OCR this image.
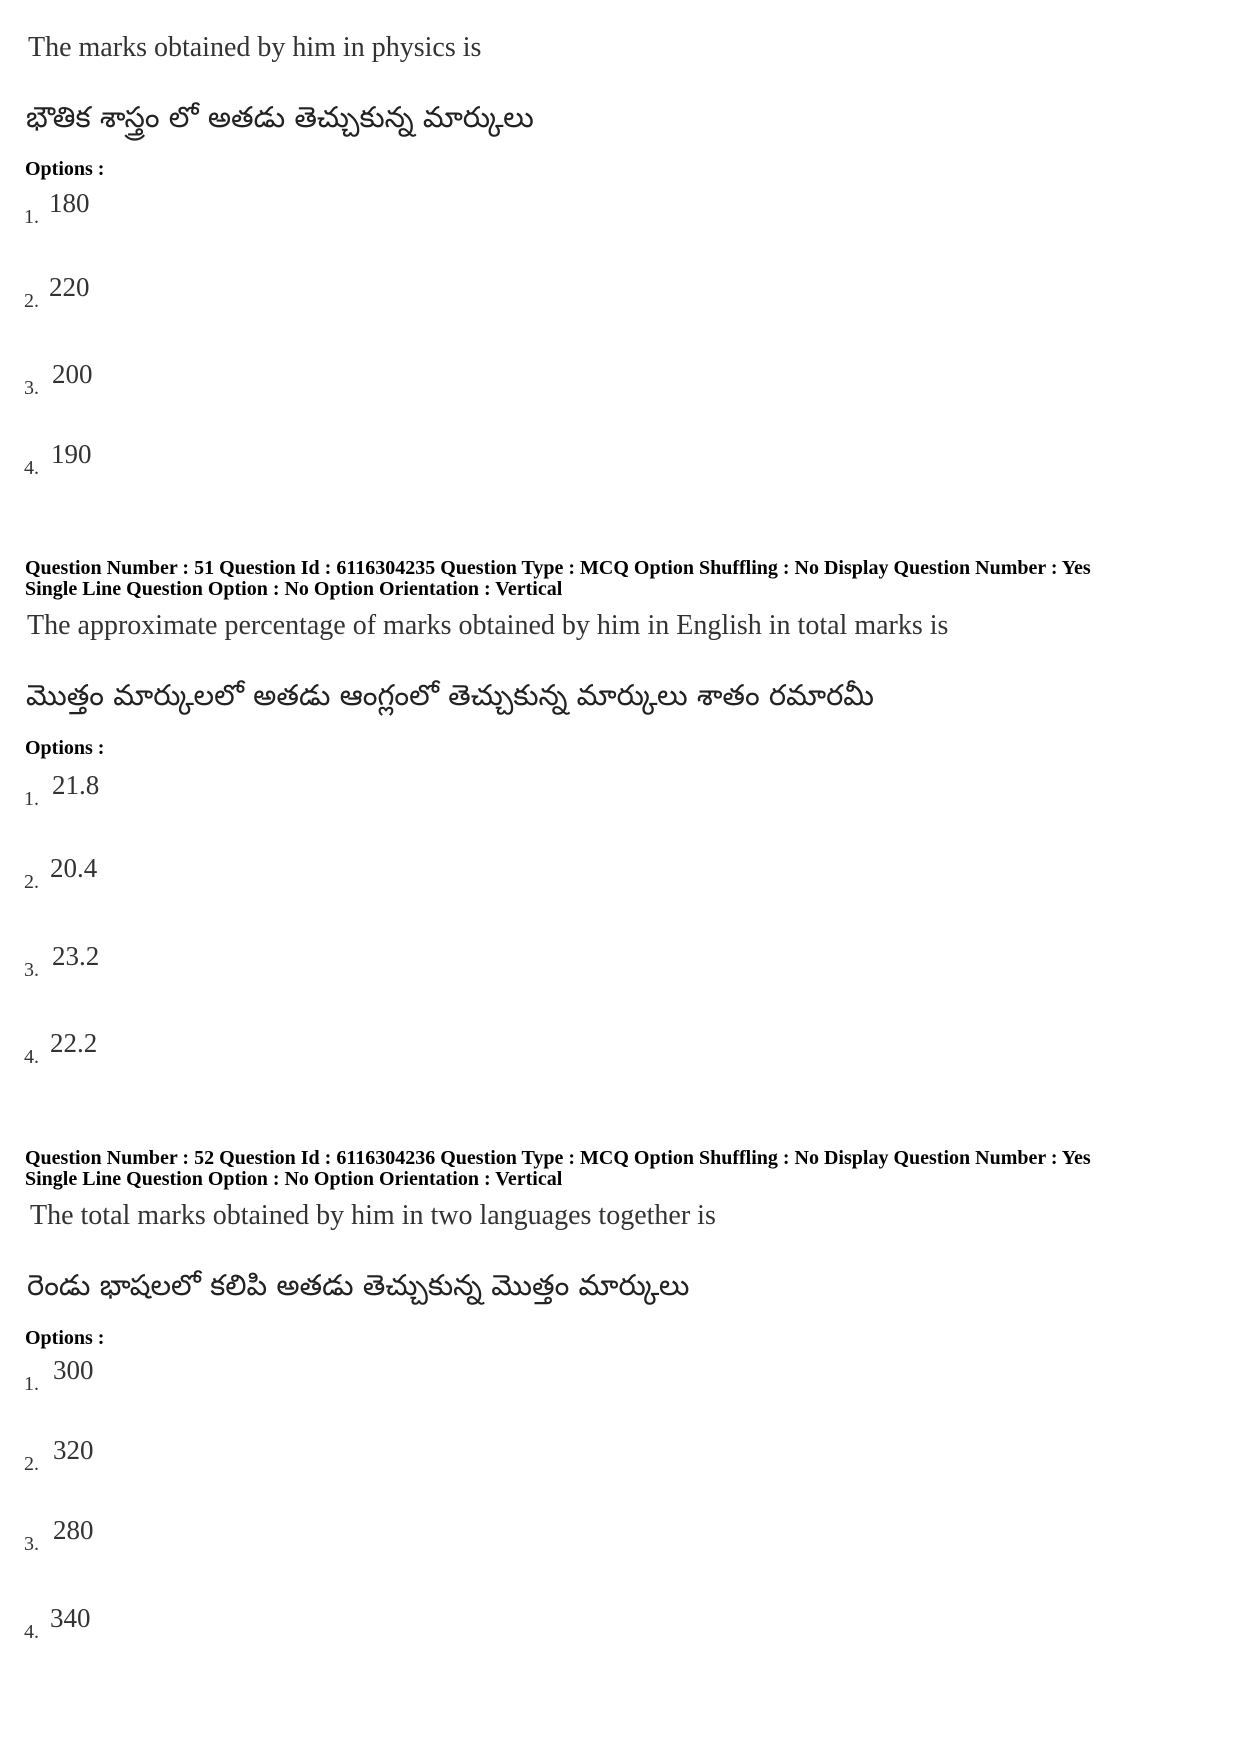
The marks obtained by him in physics is
భౌతిక శాస్త్రం లో అతడు తెచ్చుకున్న మార్కులు
Options :
1. 180
2. 220
3. 200
4. 190
Question Number : 51 Question Id : 6116304235 Question Type : MCQ Option Shuffling : No Display Question Number : Yes
Single Line Question Option : No Option Orientation : Vertical
The approximate percentage of marks obtained by him in English in total marks is
మొత్తం మార్కులలో అతడు ఆంగ్లంలో తెచ్చుకున్న మార్కులు శాతం రమారమీ
Options :
1. 21.8
2. 20.4
3. 23.2
4. 22.2
Question Number : 52 Question Id : 6116304236 Question Type : MCQ Option Shuffling : No Display Question Number : Yes
Single Line Question Option : No Option Orientation : Vertical
The total marks obtained by him in two languages together is
రెండు భాషలలో కలిపి అతడు తెచ్చుకున్న మొత్తం మార్కులు
Options :
1. 300
2. 320
3. 280
4. 340
